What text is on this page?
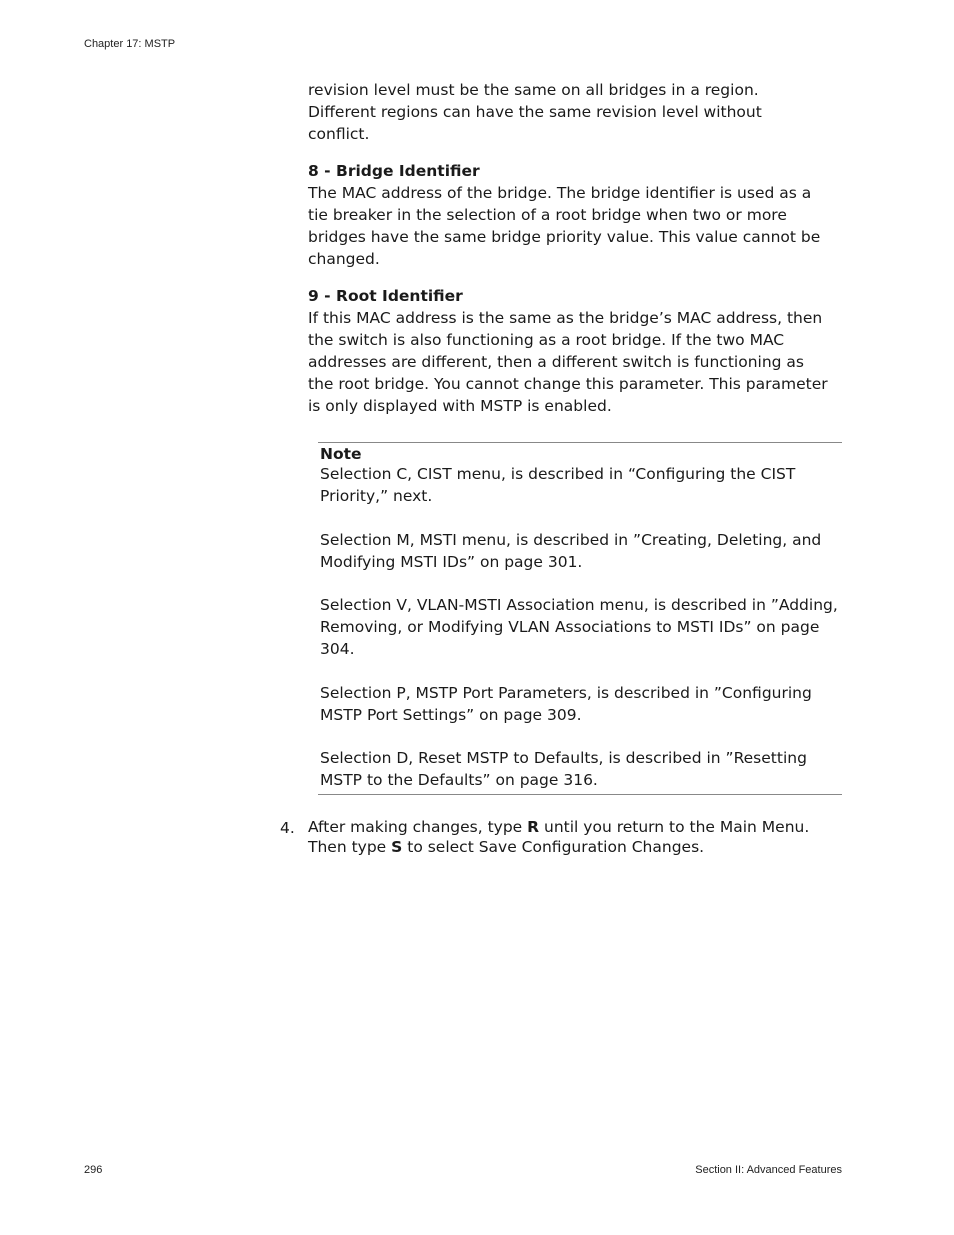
Chapter 17: MSTP

revision level must be the same on all bridges in a region. Different regions can have the same revision level without conflict.

8 - Bridge Identifier

The MAC address of the bridge. The bridge identifier is used as a tie breaker in the selection of a root bridge when two or more bridges have the same bridge priority value. This value cannot be changed.

9 - Root Identifier

If this MAC address is the same as the bridge’s MAC address, then the switch is also functioning as a root bridge. If the two MAC addresses are different, then a different switch is functioning as the root bridge. You cannot change this parameter. This parameter is only displayed with MSTP is enabled.

Note

Selection C, CIST menu, is described in “Configuring the CIST Priority,” next.

Selection M, MSTI menu, is described in ”Creating, Deleting, and Modifying MSTI IDs” on page 301.

Selection V, VLAN-MSTI Association menu, is described in ”Adding, Removing, or Modifying VLAN Associations to MSTI IDs” on page 304.

Selection P, MSTP Port Parameters, is described in ”Configuring MSTP Port Settings” on page 309.

Selection D, Reset MSTP to Defaults, is described in ”Resetting MSTP to the Defaults” on page 316.

4. After making changes, type R until you return to the Main Menu. Then type S to select Save Configuration Changes.

296	Section II: Advanced Features
